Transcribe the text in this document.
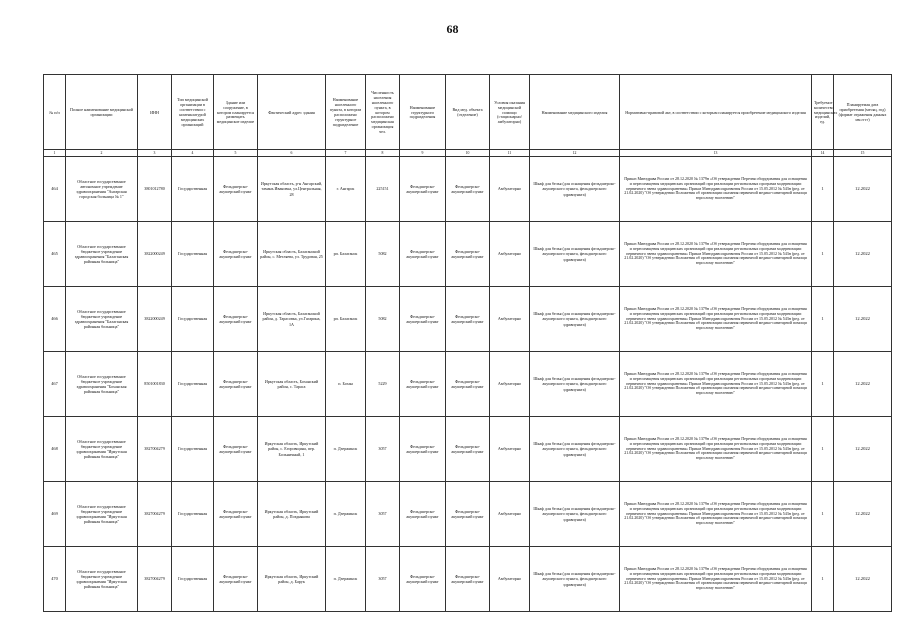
68
№ п/п	Полное наименование медицинской организации	ИНН	Тип медицинской организации в соответствии с номенклатурой медицинских организаций	Здание или сооружение, в котором планируется размещать медицинское изделие	Фактический адрес здания	Наименование населенного пункта, в котором расположено структурное подразделение	Численность населения населенного пункта, в котором расположено медицинская организация чел.	Наименование структурного подразделения	Вид мед. объекта (отделение)	Условия оказания медицинской помощи (стационарно/амбулаторно)	Наименование медицинского изделия	Нормативно-правовой акт, в соответствии с которым планируется приобретение медицинского изделия	Требуемое количество медицинских изделий, ед.	Планируемая дата приобретения (месяц, год) (формат отражения данных мм.гггг)
1	2	3	4	5	6	7	8	9	10	11	12	13	14	15
464	Областное государственное автономное учреждение здравоохранения "Ангарская городская больница № 1"	3801012780	Государственная	Фельдшерско-акушерский пункт	Иркутская область, р-н Ангарский, тамань Ивановка, ул.Центральная, 28	г. Ангарск	225151	Фельдшерско-акушерский пункт	Фельдшерско-акушерский пункт	Амбулаторно	Шкаф для белья (для оснащения фельдшерско-акушерского пункта, фельдшерского здравпункта)	Приказ Минздрава России от 28.12.2020 № 1379н «Об утверждении Перечня оборудования для оснащения и переоснащения медицинских организаций при реализации региональных программ модернизации первичного звена здравоохранения» Приказ Минздравсоцразвития России от 15.05.2012 № 543н (ред. от 21.02.2020) "Об утверждении Положения об организации оказания первичной медико-санитарной помощи взрослому населению"	1	12.2022
465	Областное государственное бюджетное учреждение здравоохранения "Балаганская районная больница"	3822000249	Государственная	Фельдшерско-акушерский пункт	Иркутская область, Балаганский район, с. Метляева, ул. Трудовая, 25	рп. Балаганск	5082	Фельдшерско-акушерский пункт	Фельдшерско-акушерский пункт	Амбулаторно	Шкаф для белья (для оснащения фельдшерско-акушерского пункта, фельдшерского здравпункта)	Приказ Минздрава России от 28.12.2020 № 1379н «Об утверждении Перечня оборудования для оснащения и переоснащения медицинских организаций при реализации региональных программ модернизации первичного звена здравоохранения» Приказ Минздравсоцразвития России от 15.05.2012 № 543н (ред. от 21.02.2020) "Об утверждении Положения об организации оказания первичной медико-санитарной помощи взрослому населению"	1	12.2022
466	Областное государственное бюджетное учреждение здравоохранения "Балаганская районная больница"	3822000249	Государственная	Фельдшерско-акушерский пункт	Иркутская область, Балаганский район, д. Тарасовка, ул.Гагарина, 1А	рп. Балаганск	5082	Фельдшерско-акушерский пункт	Фельдшерско-акушерский пункт	Амбулаторно	Шкаф для белья (для оснащения фельдшерско-акушерского пункта, фельдшерского здравпункта)	Приказ Минздрава России от 28.12.2020 № 1379н «Об утверждении Перечня оборудования для оснащения и переоснащения медицинских организаций при реализации региональных программ модернизации первичного звена здравоохранения» Приказ Минздравсоцразвития России от 15.05.2012 № 543н (ред. от 21.02.2020) "Об утверждении Положения об организации оказания первичной медико-санитарной помощи взрослому населению"	1	12.2022
467	Областное государственное бюджетное учреждение здравоохранения "Боханская районная больница"	8501001830	Государственная	Фельдшерско-акушерский пункт	Иркутская область, Боханский район, с. Тараса	п. Бохан	5229	Фельдшерско-акушерский пункт	Фельдшерско-акушерский пункт	Амбулаторно	Шкаф для белья (для оснащения фельдшерско-акушерского пункта, фельдшерского здравпункта)	Приказ Минздрава России от 28.12.2020 № 1379н «Об утверждении Перечня оборудования для оснащения и переоснащения медицинских организаций при реализации региональных программ модернизации первичного звена здравоохранения» Приказ Минздравсоцразвития России от 15.05.2012 № 543н (ред. от 21.02.2020) "Об утверждении Положения об организации оказания первичной медико-санитарной помощи взрослому населению"	1	12.2022
468	Областное государственное бюджетное учреждение здравоохранения "Иркутская районная больница"	3827004279	Государственная	Фельдшерско-акушерский пункт	Иркутская область, Иркутский район, с. Егоровщина, пер. Больничный, 1	п. Дзержинск	3057	Фельдшерско-акушерский пункт	Фельдшерско-акушерский пункт	Амбулаторно	Шкаф для белья (для оснащения фельдшерско-акушерского пункта, фельдшерского здравпункта)	Приказ Минздрава России от 28.12.2020 № 1379н «Об утверждении Перечня оборудования для оснащения и переоснащения медицинских организаций при реализации региональных программ модернизации первичного звена здравоохранения» Приказ Минздравсоцразвития России от 15.05.2012 № 543н (ред. от 21.02.2020) "Об утверждении Положения об организации оказания первичной медико-санитарной помощи взрослому населению"	1	12.2022
469	Областное государственное бюджетное учреждение здравоохранения "Иркутская районная больница"	3827004279	Государственная	Фельдшерско-акушерский пункт	Иркутская область, Иркутский район, д. Позднякова	п. Дзержинск	3057	Фельдшерско-акушерский пункт	Фельдшерско-акушерский пункт	Амбулаторно	Шкаф для белья (для оснащения фельдшерско-акушерского пункта, фельдшерского здравпункта)	Приказ Минздрава России от 28.12.2020 № 1379н «Об утверждении Перечня оборудования для оснащения и переоснащения медицинских организаций при реализации региональных программ модернизации первичного звена здравоохранения» Приказ Минздравсоцразвития России от 15.05.2012 № 543н (ред. от 21.02.2020) "Об утверждении Положения об организации оказания первичной медико-санитарной помощи взрослому населению"	1	12.2022
470	Областное государственное бюджетное учреждение здравоохранения "Иркутская районная больница"	3827004279	Государственная	Фельдшерско-акушерский пункт	Иркутская область, Иркутский район, д. Барук	п. Дзержинск	3057	Фельдшерско-акушерский пункт	Фельдшерско-акушерский пункт	Амбулаторно	Шкаф для белья (для оснащения фельдшерско-акушерского пункта, фельдшерского здравпункта)	Приказ Минздрава России от 28.12.2020 № 1379н «Об утверждении Перечня оборудования для оснащения и переоснащения медицинских организаций при реализации региональных программ модернизации первичного звена здравоохранения» Приказ Минздравсоцразвития России от 15.05.2012 № 543н (ред. от 21.02.2020) "Об утверждении Положения об организации оказания первичной медико-санитарной помощи взрослому населению"	1	12.2022
